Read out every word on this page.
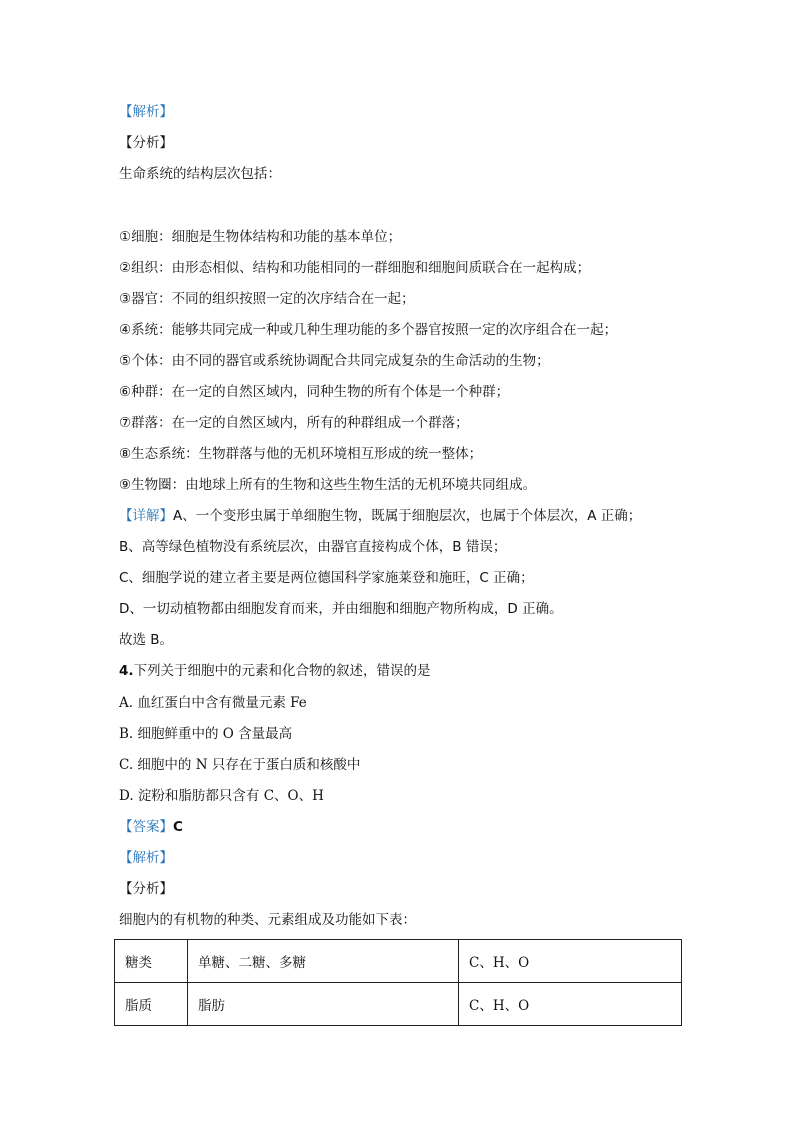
【解析】
【分析】
生命系统的结构层次包括：
①细胞：细胞是生物体结构和功能的基本单位；
②组织：由形态相似、结构和功能相同的一群细胞和细胞间质联合在一起构成；
③器官：不同的组织按照一定的次序结合在一起；
④系统：能够共同完成一种或几种生理功能的多个器官按照一定的次序组合在一起；
⑤个体：由不同的器官或系统协调配合共同完成复杂的生命活动的生物；
⑥种群：在一定的自然区域内，同种生物的所有个体是一个种群；
⑦群落：在一定的自然区域内，所有的种群组成一个群落；
⑧生态系统：生物群落与他的无机环境相互形成的统一整体；
⑨生物圈：由地球上所有的生物和这些生物生活的无机环境共同组成。
【详解】A、一个变形虫属于单细胞生物，既属于细胞层次，也属于个体层次，A 正确；
B、高等绿色植物没有系统层次，由器官直接构成个体，B 错误；
C、细胞学说的建立者主要是两位德国科学家施莱登和施旺，C 正确；
D、一切动植物都由细胞发育而来，并由细胞和细胞产物所构成，D 正确。
故选 B。
4.下列关于细胞中的元素和化合物的叙述，错误的是
A. 血红蛋白中含有微量元素 Fe
B. 细胞鲜重中的 O 含量最高
C. 细胞中的 N 只存在于蛋白质和核酸中
D. 淀粉和脂肪都只含有 C、O、H
【答案】C
【解析】
【分析】
细胞内的有机物的种类、元素组成及功能如下表：
糖类	单糖、二糖、多糖	C、H、O
脂质	脂肪	C、H、O
